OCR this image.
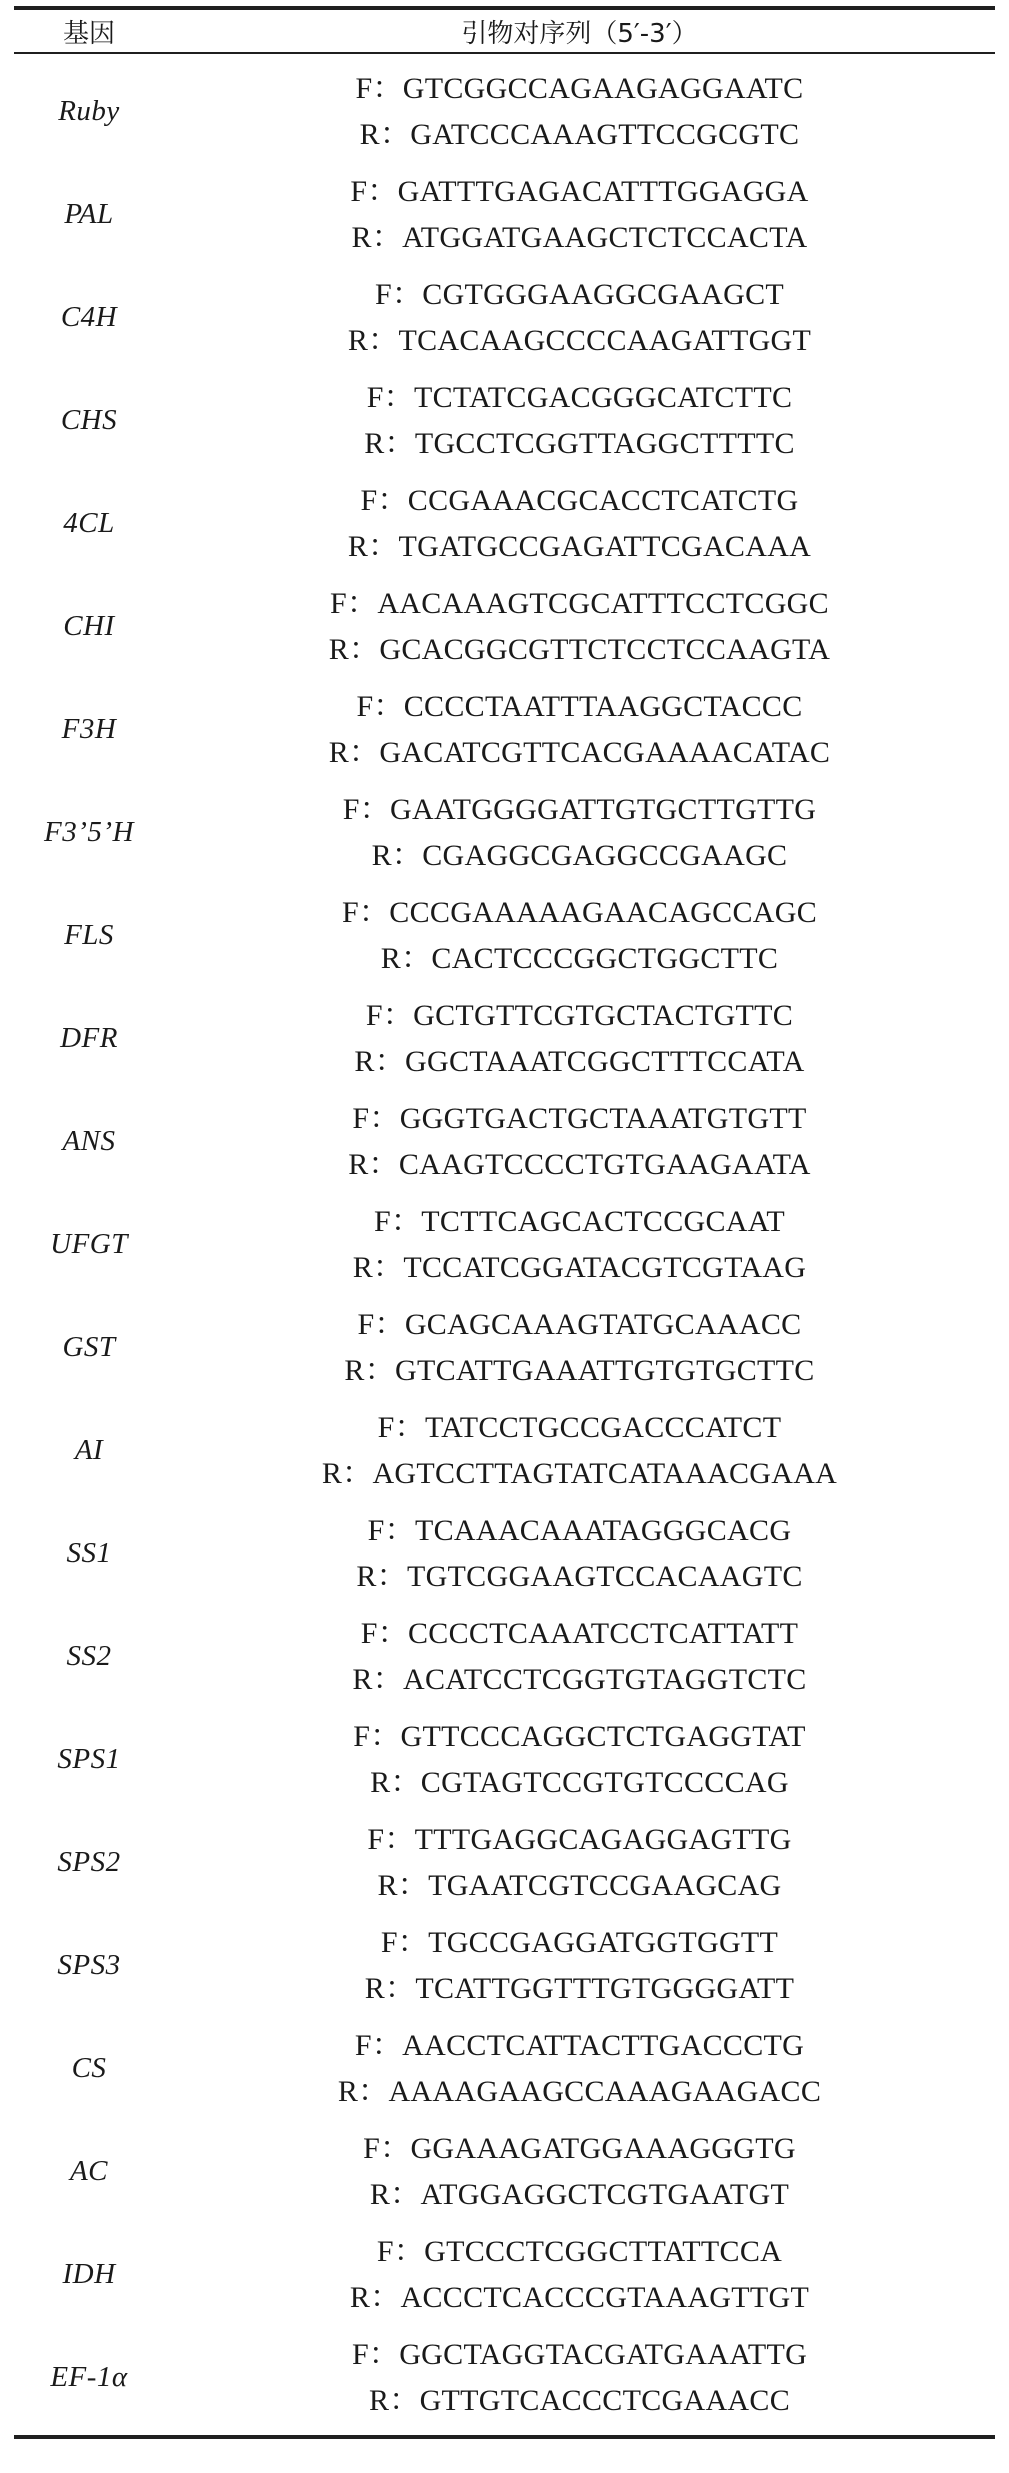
基因	引物对序列（5′-3′）
Ruby
F：GTCGGCCAGAAGAGGAATC
R：GATCCCAAAGTTCCGCGTC
PAL
F：GATTTGAGACATTTGGAGGA
R：ATGGATGAAGCTCTCCACTA
C4H
F：CGTGGGAAGGCGAAGCT
R：TCACAAGCCCCAAGATTGGT
CHS
F：TCTATCGACGGGCATCTTC
R：TGCCTCGGTTAGGCTTTTC
4CL
F：CCGAAACGCACCTCATCTG
R：TGATGCCGAGATTCGACAAA
CHI
F：AACAAAGTCGCATTTCCTCGGC
R：GCACGGCGTTCTCCTCCAAGTA
F3H
F：CCCCTAATTTAAGGCTACCC
R：GACATCGTTCACGAAAACATAC
F3’5’H
F：GAATGGGGATTGTGCTTGTTG
R：CGAGGCGAGGCCGAAGC
FLS
F：CCCGAAAAAGAACAGCCAGC
R：CACTCCCGGCTGGCTTC
DFR
F：GCTGTTCGTGCTACTGTTC
R：GGCTAAATCGGCTTTCCATA
ANS
F：GGGTGACTGCTAAATGTGTT
R：CAAGTCCCCTGTGAAGAATA
UFGT
F：TCTTCAGCACTCCGCAAT
R：TCCATCGGATACGTCGTAAG
GST
F：GCAGCAAAGTATGCAAACC
R：GTCATTGAAATTGTGTGCTTC
AI
F：TATCCTGCCGACCCATCT
R：AGTCCTTAGTATCATAAACGAAA
SS1
F：TCAAACAAATAGGGCACG
R：TGTCGGAAGTCCACAAGTC
SS2
F：CCCCTCAAATCCTCATTATT
R：ACATCCTCGGTGTAGGTCTC
SPS1
F：GTTCCCAGGCTCTGAGGTAT
R：CGTAGTCCGTGTCCCCAG
SPS2
F：TTTGAGGCAGAGGAGTTG
R：TGAATCGTCCGAAGCAG
SPS3
F：TGCCGAGGATGGTGGTT
R：TCATTGGTTTGTGGGGATT
CS
F：AACCTCATTACTTGACCCTG
R：AAAAGAAGCCAAAGAAGACC
AC
F：GGAAAGATGGAAAGGGTG
R：ATGGAGGCTCGTGAATGT
IDH
F：GTCCCTCGGCTTATTCCA
R：ACCCTCACCCGTAAAGTTGT
EF-1α
F：GGCTAGGTACGATGAAATTG
R：GTTGTCACCCTCGAAACC
